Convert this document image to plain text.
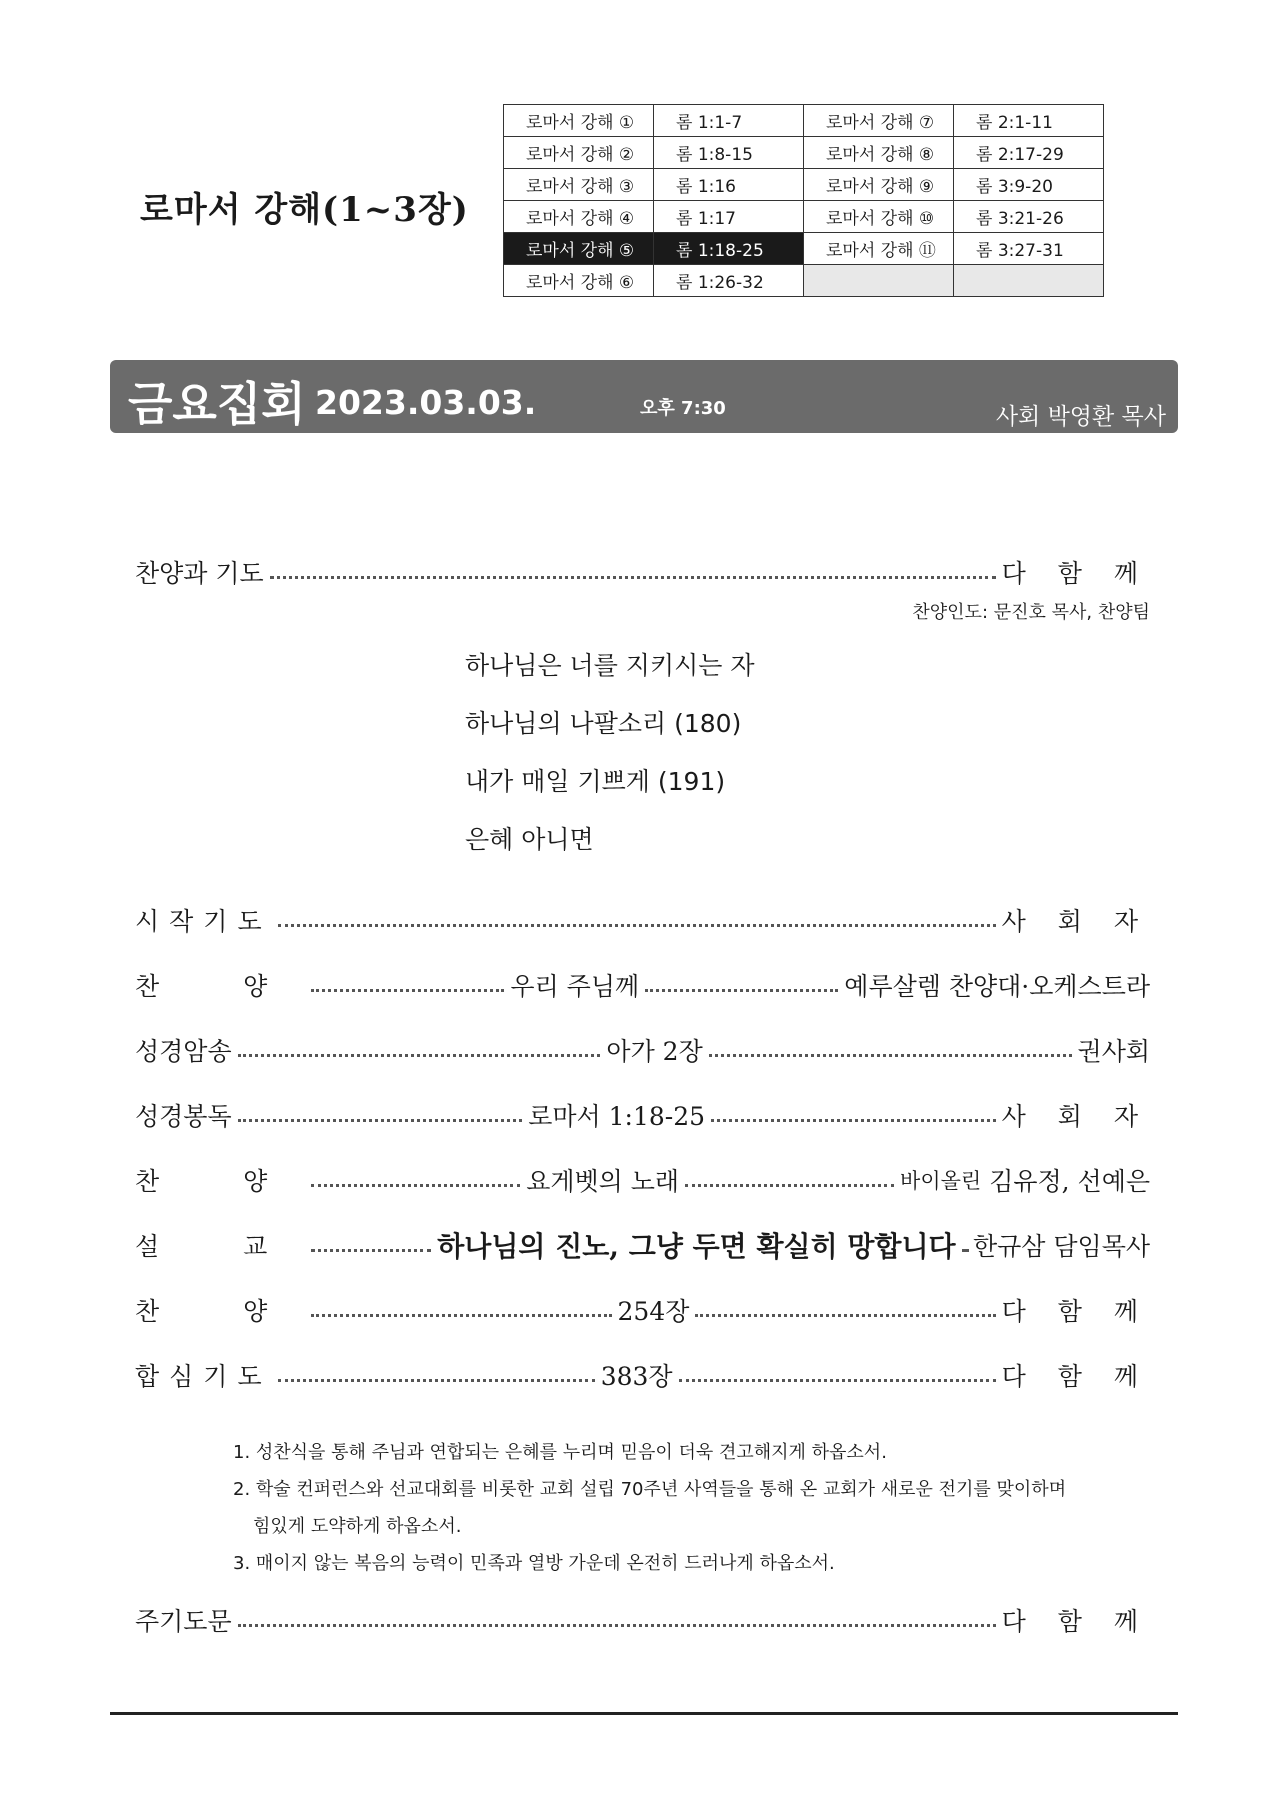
로마서 강해(1~3장)
로마서 강해 ①	롬 1:1-7	로마서 강해 ⑦	롬 2:1-11
로마서 강해 ②	롬 1:8-15	로마서 강해 ⑧	롬 2:17-29
로마서 강해 ③	롬 1:16	로마서 강해 ⑨	롬 3:9-20
로마서 강해 ④	롬 1:17	로마서 강해 ⑩	롬 3:21-26
로마서 강해 ⑤	롬 1:18-25	로마서 강해 ⑪	롬 3:27-31
로마서 강해 ⑥	롬 1:26-32		
금요집회 2023.03.03.	오후 7:30	사회 박영환 목사
찬양과 기도	다 함 께
찬양인도: 문진호 목사, 찬양팀
하나님은 너를 지키시는 자
하나님의 나팔소리 (180)
내가 매일 기쁘게 (191)
은혜 아니면
시작기도	사 회 자
찬 양	우리 주님께	예루살렘 찬양대·오케스트라
성경암송	아가 2장	권사회
성경봉독	로마서 1:18-25	사 회 자
찬 양	요게벳의 노래	바이올린 김유정, 선예은
설 교	하나님의 진노, 그냥 두면 확실히 망합니다 한규삼 담임목사
찬 양	254장	다 함 께
합심기도	383장	다 함 께
1. 성찬식을 통해 주님과 연합되는 은혜를 누리며 믿음이 더욱 견고해지게 하옵소서.
2. 학술 컨퍼런스와 선교대회를 비롯한 교회 설립 70주년 사역들을 통해 온 교회가 새로운 전기를 맞이하며
힘있게 도약하게 하옵소서.
3. 매이지 않는 복음의 능력이 민족과 열방 가운데 온전히 드러나게 하옵소서.
주기도문	다 함 께
